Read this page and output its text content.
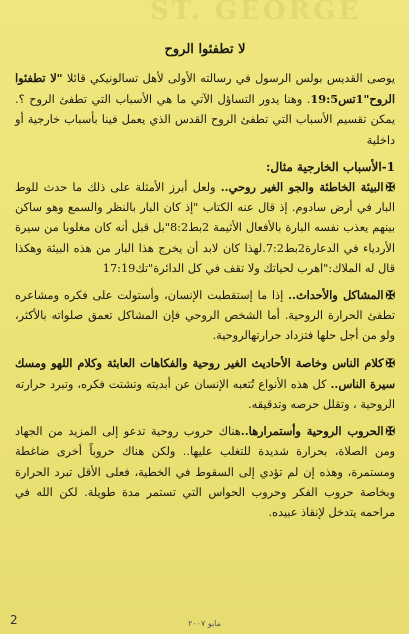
ST. GEORGE
لا تطفئوا الروح

يوصى القديس بولس الرسول في رسالته الأولى لأهل تسالونيكي قائلا "لا تطفئوا الروح"1تس19:5. وهنا يدور التساؤل الآتي ما هي الأسباب التي تطفئ الروح ؟. يمكن تقسيم الأسباب التي تطفئ الروح القدس الذي يعمل فينا بأسباب خارجية أو داخلية

1-الأسباب الخارجية مثال:

✠البيئة الخاطئة والجو الغير روحي.. ولعل أبرز الأمثلة على ذلك ما حدث للوط البار في أرض سادوم. إذ قال عنه الكتاب "إذ كان البار بالنظر والسمع وهو ساكن بينهم يعذب نفسه البارة بالأفعال الأثيمة 2بط8:2"بل قبل أنه كان مغلوبا من سيرة الأردياء في الدعارة2بط7:2.لهذا كان لابد أن يخرج هذا البار من هذه البيئة وهكذا قال له الملاك:"اهرب لحياتك ولا تقف في كل الدائرة"تك17:19

✠المشاكل والأحداث.. إذا ما إستقطبت الإنسان، وأستولت على فكره ومشاعره تطفئ الحرارة الروحية. أما الشخص الروحي فإن المشاكل تعمق صلواته بالأكثر، ولو من أجل حلها فتزداد حرارتهالروحية.

✠كلام الناس وخاصة الأحاديث الغير روحية والفكاهات العابثة وكلام اللهو ومسك سيرة الناس.. كل هذه الأنواع تُتعبه الإنسان عن أبديته وتشتت فكره، وتبرد حرارته الروحية ، وتقلل حرصه وتدقيقه.

✠الحروب الروحية وأستمرارها..هناك حروب روحية تدعو إلى المزيد من الجهاد ومن الصلاة، بحرارة شديدة للتغلب عليها.. ولكن هناك حروباً أخرى ضاغطة ومستمرة، وهذه إن لم تؤدي إلى السقوط في الخطية، فعلى الأقل تبرد الحرارة وبخاصة حروب الفكر وحروب الحواس التي تستمر مدة طويلة. لكن الله في مراحمه يتدخل لإنقاذ عبيده.

مايو ٢٠٠٧
2
